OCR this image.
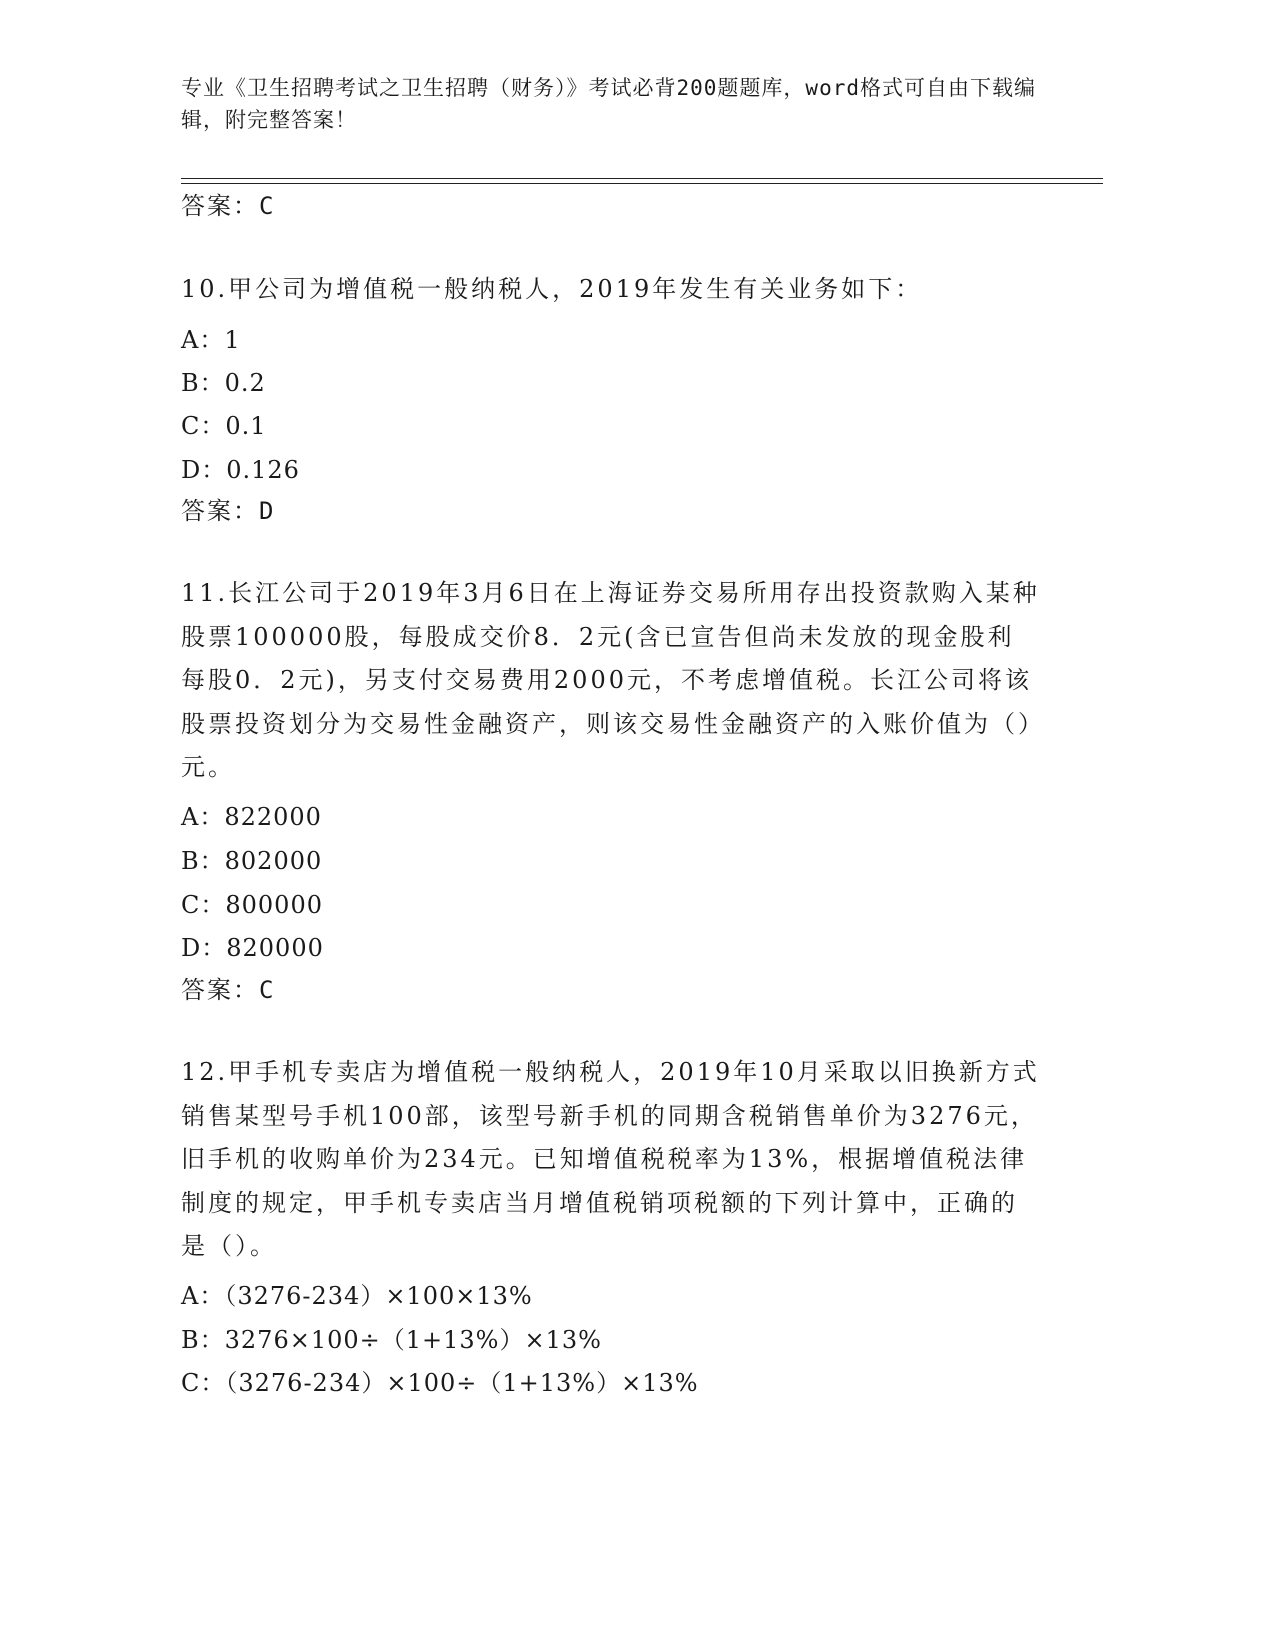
专业《卫生招聘考试之卫生招聘（财务）》考试必背200题题库，word格式可自由下载编辑，附完整答案！
答案：C
10.甲公司为增值税一般纳税人，2019年发生有关业务如下：
A：1
B：0.2
C：0.1
D：0.126
答案：D
11.长江公司于2019年3月6日在上海证券交易所用存出投资款购入某种股票100000股，每股成交价8．2元(含已宣告但尚未发放的现金股利每股0．2元)，另支付交易费用2000元，不考虑增值税。长江公司将该股票投资划分为交易性金融资产，则该交易性金融资产的入账价值为（）元。
A：822000
B：802000
C：800000
D：820000
答案：C
12.甲手机专卖店为增值税一般纳税人，2019年10月采取以旧换新方式销售某型号手机100部，该型号新手机的同期含税销售单价为3276元，旧手机的收购单价为234元。已知增值税税率为13%，根据增值税法律制度的规定，甲手机专卖店当月增值税销项税额的下列计算中，正确的是（）。
A：（3276-234）×100×13%
B：3276×100÷（1+13%）×13%
C：（3276-234）×100÷（1+13%）×13%
